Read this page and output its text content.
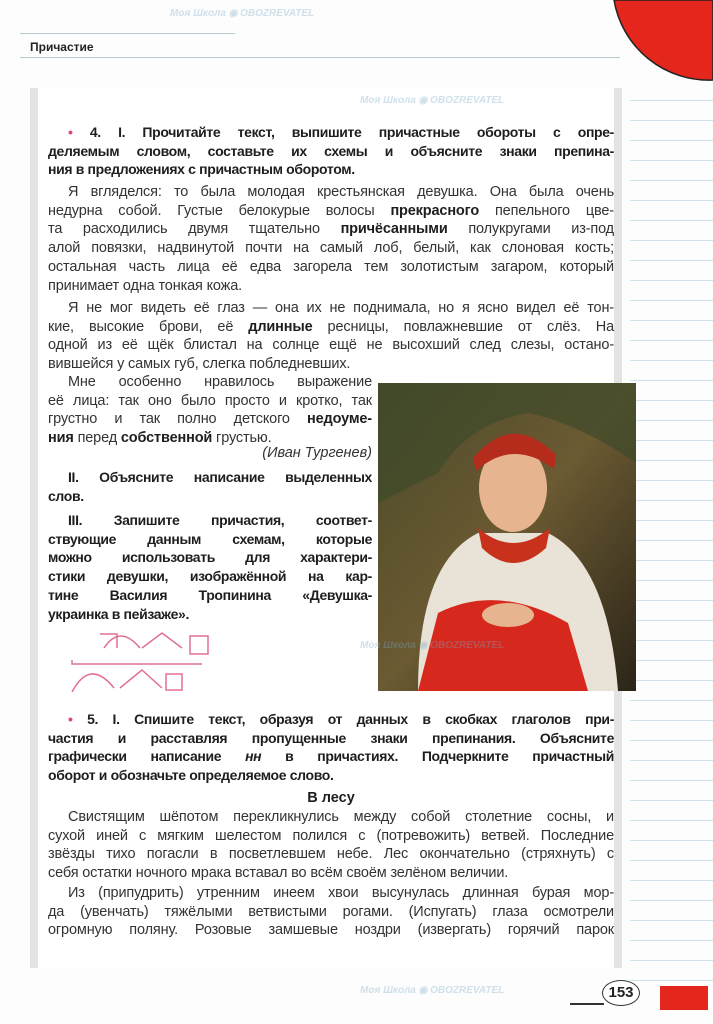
Причастие
• 4. I. Прочитайте текст, выпишите причастные обороты с опре-
деляемым словом, составьте их схемы и объясните знаки препина-
ния в предложениях с причастным оборотом.
Я вгляделся: то была молодая крестьянская девушка. Она была очень
недурна собой. Густые белокурые волосы прекрасного пепельного цве-
та расходились двумя тщательно причёсанными полукругами из-под
алой повязки, надвинутой почти на самый лоб, белый, как слоновая кость;
остальная часть лица её едва загорела тем золотистым загаром, который
принимает одна тонкая кожа.
Я не мог видеть её глаз — она их не поднимала, но я ясно видел её тон-
кие, высокие брови, её длинные ресницы, повлажневшие от слёз. На
одной из её щёк блистал на солнце ещё не высохший след слезы, остано-
вившейся у самых губ, слегка побледневших.
Мне особенно нравилось выражение
её лица: так оно было просто и кротко, так
грустно и так полно детского недоуме-
ния перед собственной грустью.
(Иван Тургенев)
II. Объясните написание выделенных
слов.
III. Запишите причастия, соответ-
ствующие данным схемам, которые
можно использовать для характери-
стики девушки, изображённой на кар-
тине Василия Тропинина «Девушка-
украинка в пейзаже».
• 5. I. Спишите текст, образуя от данных в скобках глаголов при-
частия и расставляя пропущенные знаки препинания. Объясните
графически написание нн в причастиях. Подчеркните причастный
оборот и обозначьте определяемое слово.
В лесу
Свистящим шёпотом перекликнулись между собой столетние сосны, и
сухой иней с мягким шелестом полился с (потревожить) ветвей. Последние
звёзды тихо погасли в посветлевшем небе. Лес окончательно (стряхнуть) с
себя остатки ночного мрака вставал во всём своём зелёном величии.
Из (припудрить) утренним инеем хвои высунулась длинная бурая мор-
да (увенчать) тяжёлыми ветвистыми рогами. (Испугать) глаза осмотрели
огромную поляну. Розовые замшевые ноздри (извергать) горячий парок
Моя Школа ◉ OBOZREVATEL
Моя Школа ◉ OBOZREVATEL
Моя Школа ◉ OBOZREVATEL
Моя Школа ◉ OBOZREVATEL	153
